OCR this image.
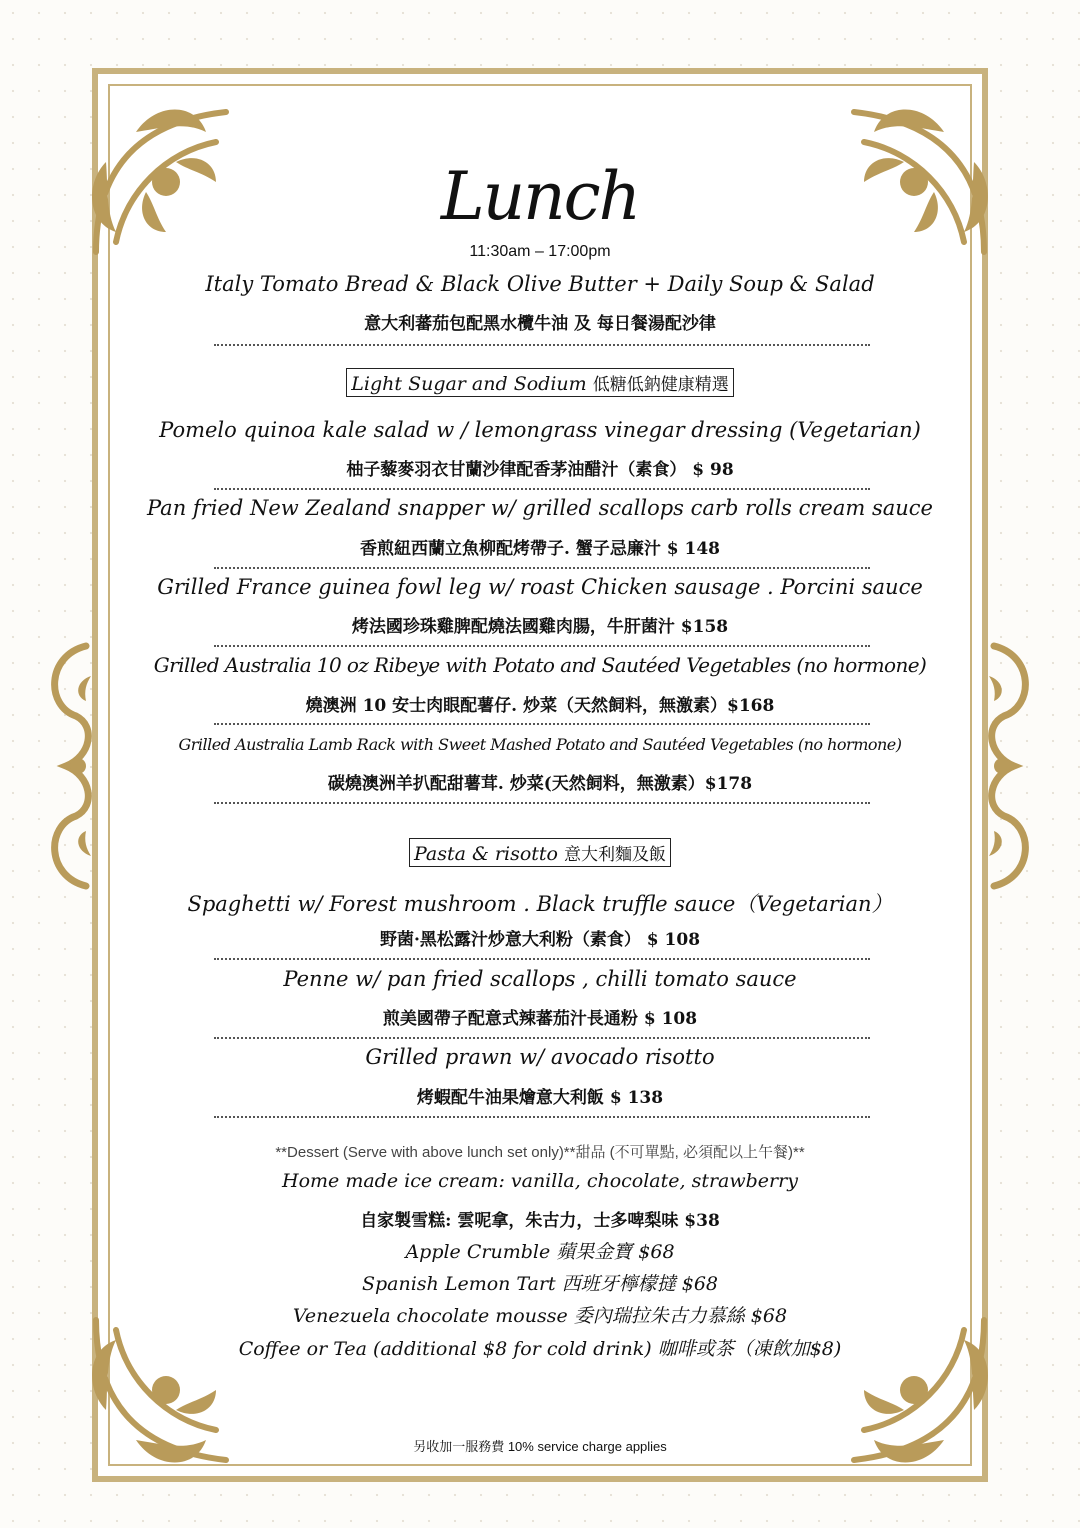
Lunch
11:30am – 17:00pm
Italy Tomato Bread & Black Olive Butter + Daily Soup & Salad
意大利蕃茄包配黑水欖牛油 及 每日餐湯配沙律
Light Sugar and Sodium 低糖低鈉健康精選
Pomelo quinoa kale salad w / lemongrass vinegar dressing (Vegetarian)
柚子藜麥羽衣甘蘭沙律配香茅油醋汁（素食） $ 98
Pan fried New Zealand snapper w/ grilled scallops carb rolls cream sauce
香煎紐西蘭立魚柳配烤帶子. 蟹子忌廉汁 $ 148
Grilled France guinea fowl leg w/ roast Chicken sausage . Porcini sauce
烤法國珍珠雞脾配燒法國雞肉腸，牛肝菌汁 $158
Grilled Australia 10 oz Ribeye with Potato and Sautéed Vegetables (no hormone)
燒澳洲 10 安士肉眼配薯仔. 炒菜（天然飼料，無激素）$168
Grilled Australia Lamb Rack with Sweet Mashed Potato and Sautéed Vegetables (no hormone)
碳燒澳洲羊扒配甜薯茸. 炒菜(天然飼料，無激素）$178
Pasta & risotto 意大利麵及飯
Spaghetti w/ Forest mushroom . Black truffle sauce（Vegetarian）
野菌·黑松露汁炒意大利粉（素食） $ 108
Penne w/ pan fried scallops , chilli tomato sauce
煎美國帶子配意式辣蕃茄汁長通粉 $ 108
Grilled prawn w/ avocado risotto
烤蝦配牛油果燴意大利飯 $ 138
**Dessert (Serve with above lunch set only)**甜品 (不可單點, 必須配以上午餐)**
Home made ice cream: vanilla, chocolate, strawberry
自家製雪糕: 雲呢拿，朱古力，士多啤梨味 $38
Apple Crumble 蘋果金寶 $68
Spanish Lemon Tart 西班牙檸檬撻 $68
Venezuela chocolate mousse 委內瑞拉朱古力慕絲 $68
Coffee or Tea (additional $8 for cold drink) 咖啡或茶（凍飲加$8)
另收加一服務費 10% service charge applies
